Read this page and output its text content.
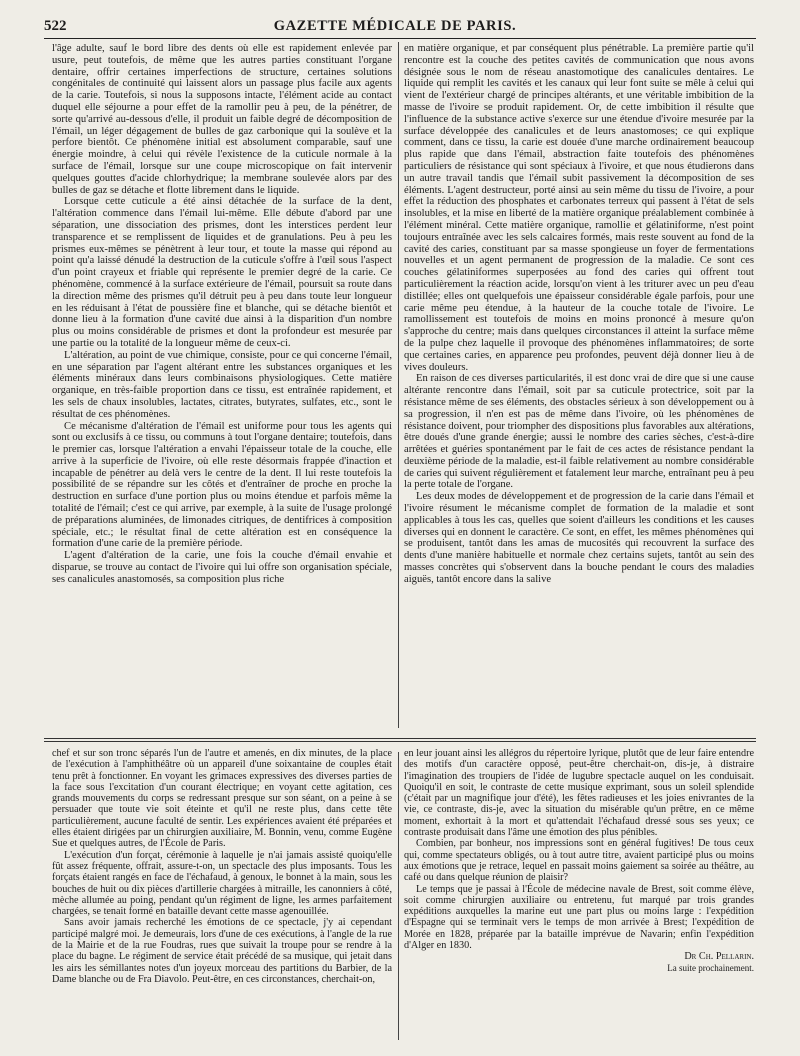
522	GAZETTE MÉDICALE DE PARIS.

l'âge adulte, sauf le bord libre des dents où elle est rapidement enlevée par usure, peut toutefois, de même que les autres parties constituant l'organe dentaire, offrir certaines imperfections de structure, certaines solutions congénitales de continuité qui laissent alors un passage plus facile aux agents de la carie. Toutefois, si nous la supposons intacte, l'élément acide au contact duquel elle séjourne a pour effet de la ramollir peu à peu, de la pénétrer, de sorte qu'arrivé au-dessous d'elle, il produit un faible degré de décomposition de l'émail, un léger dégagement de bulles de gaz carbonique qui la soulève et la perfore bientôt. Ce phénomène initial est absolument comparable, sauf une énergie moindre, à celui qui révèle l'existence de la cuticule normale à la surface de l'émail, lorsque sur une coupe microscopique on fait intervenir quelques gouttes d'acide chlorhydrique; la membrane soulevée alors par des bulles de gaz se détache et flotte librement dans le liquide.

Lorsque cette cuticule a été ainsi détachée de la surface de la dent, l'altération commence dans l'émail lui-même. Elle débute d'abord par une séparation, une dissociation des prismes, dont les interstices perdent leur transparence et se remplissent de liquides et de granulations. Peu à peu les prismes eux-mêmes se pénètrent à leur tour, et toute la masse qui répond au point qu'a laissé dénudé la destruction de la cuticule s'offre à l'œil sous l'aspect d'un point crayeux et friable qui représente le premier degré de la carie. Ce phénomène, commencé à la surface extérieure de l'émail, poursuit sa route dans la direction même des prismes qu'il détruit peu à peu dans toute leur longueur en les réduisant à l'état de poussière fine et blanche, qui se détache bientôt et donne lieu à la formation d'une cavité due ainsi à la disparition d'un nombre plus ou moins considérable de prismes et dont la profondeur est mesurée par une partie ou la totalité de la longueur même de ceux-ci.

L'altération, au point de vue chimique, consiste, pour ce qui concerne l'émail, en une séparation par l'agent altérant entre les substances organiques et les éléments minéraux dans leurs combinaisons physiologiques. Cette matière organique, en très-faible proportion dans ce tissu, est entraînée rapidement, et les sels de chaux insolubles, lactates, citrates, butyrates, sulfates, etc., sont le résultat de ces phénomènes.

Ce mécanisme d'altération de l'émail est uniforme pour tous les agents qui sont ou exclusifs à ce tissu, ou communs à tout l'organe dentaire; toutefois, dans le premier cas, lorsque l'altération a envahi l'épaisseur totale de la couche, elle arrive à la superficie de l'ivoire, où elle reste désormais frappée d'inaction et incapable de pénétrer au delà vers le centre de la dent. Il lui reste toutefois la possibilité de se répandre sur les côtés et d'entraîner de proche en proche la destruction en surface d'une portion plus ou moins étendue et parfois même la totalité de l'émail; c'est ce qui arrive, par exemple, à la suite de l'usage prolongé de préparations aluminées, de limonades citriques, de dentifrices à composition spéciale, etc.; le résultat final de cette altération est en conséquence la formation d'une carie de la première période.

L'agent d'altération de la carie, une fois la couche d'émail envahie et disparue, se trouve au contact de l'ivoire qui lui offre son organisation spéciale, ses canalicules anastomosés, sa composition plus riche

en matière organique, et par conséquent plus pénétrable. La première partie qu'il rencontre est la couche des petites cavités de communication que nous avons désignée sous le nom de réseau anastomotique des canalicules dentaires. Le liquide qui remplit les cavités et les canaux qui leur font suite se mêle à celui qui vient de l'extérieur chargé de principes altérants, et une véritable imbibition de la masse de l'ivoire se produit rapidement. Or, de cette imbibition il résulte que l'influence de la substance active s'exerce sur une étendue d'ivoire mesurée par la surface développée des canalicules et de leurs anastomoses; ce qui explique comment, dans ce tissu, la carie est douée d'une marche ordinairement beaucoup plus rapide que dans l'émail, abstraction faite toutefois des phénomènes particuliers de résistance qui sont spéciaux à l'ivoire, et que nous étudierons dans un autre travail tandis que l'émail subit passivement la décomposition de ses éléments. L'agent destructeur, porté ainsi au sein même du tissu de l'ivoire, a pour effet la réduction des phosphates et carbonates terreux qui passent à l'état de sels insolubles, et la mise en liberté de la matière organique préalablement combinée à l'élément minéral. Cette matière organique, ramollie et gélatiniforme, n'est point toujours entraînée avec les sels calcaires formés, mais reste souvent au fond de la cavité des caries, constituant par sa masse spongieuse un foyer de fermentations nouvelles et un agent permanent de progression de la maladie. Ce sont ces couches gélatiniformes superposées au fond des caries qui offrent tout particulièrement la réaction acide, lorsqu'on vient à les triturer avec un peu d'eau distillée; elles ont quelquefois une épaisseur considérable égale parfois, pour une carie même peu étendue, à la hauteur de la couche totale de l'ivoire. Le ramollissement est toutefois de moins en moins prononcé à mesure qu'on s'approche du centre; mais dans quelques circonstances il atteint la surface même de la pulpe chez laquelle il provoque des phénomènes inflammatoires; de sorte que certaines caries, en apparence peu profondes, peuvent déjà donner lieu à de vives douleurs.

En raison de ces diverses particularités, il est donc vrai de dire que si une cause altérante rencontre dans l'émail, soit par sa cuticule protectrice, soit par la résistance même de ses éléments, des obstacles sérieux à son développement ou à sa progression, il n'en est pas de même dans l'ivoire, où les phénomènes de résistance doivent, pour triompher des dispositions plus favorables aux altérations, être doués d'une grande énergie; aussi le nombre des caries sèches, c'est-à-dire arrêtées et guéries spontanément par le fait de ces actes de résistance pendant la deuxième période de la maladie, est-il faible relativement au nombre considérable de caries qui suivent régulièrement et fatalement leur marche, entraînant peu à peu la perte totale de l'organe.

Les deux modes de développement et de progression de la carie dans l'émail et l'ivoire résument le mécanisme complet de formation de la maladie et sont applicables à tous les cas, quelles que soient d'ailleurs les conditions et les causes diverses qui en donnent le caractère. Ce sont, en effet, les mêmes phénomènes qui se produisent, tantôt dans les amas de mucosités qui recouvrent la surface des dents d'une manière habituelle et normale chez certains sujets, tantôt au sein des masses concrètes qui s'observent dans la bouche pendant le cours des maladies aiguës, tantôt encore dans la salive

chef et sur son tronc séparés l'un de l'autre et amenés, en dix minutes, de la place de l'exécution à l'amphithéâtre où un appareil d'une soixantaine de couples était tenu prêt à fonctionner. En voyant les grimaces expressives des diverses parties de la face sous l'excitation d'un courant électrique; en voyant cette agitation, ces grands mouvements du corps se redressant presque sur son séant, on a peine à se persuader que toute vie soit éteinte et qu'il ne reste plus, dans cette tête particulièrement, aucune faculté de sentir. Les expériences avaient été préparées et elles étaient dirigées par un chirurgien auxiliaire, M. Bonnin, venu, comme Eugène Sue et quelques autres, de l'École de Paris.

L'exécution d'un forçat, cérémonie à laquelle je n'ai jamais assisté quoiqu'elle fût assez fréquente, offrait, assure-t-on, un spectacle des plus imposants. Tous les forçats étaient rangés en face de l'échafaud, à genoux, le bonnet à la main, sous les bouches de huit ou dix pièces d'artillerie chargées à mitraille, les canonniers à côté, mèche allumée au poing, pendant qu'un régiment de ligne, les armes parfaitement chargées, se tenait formé en bataille devant cette masse agenouillée.

Sans avoir jamais recherché les émotions de ce spectacle, j'y ai cependant participé malgré moi. Je demeurais, lors d'une de ces exécutions, à l'angle de la rue de la Mairie et de la rue Foudras, rues que suivait la troupe pour se rendre à la place du bagne. Le régiment de service était précédé de sa musique, qui jetait dans les airs les sémillantes notes d'un joyeux morceau des partitions du Barbier, de la Dame blanche ou de Fra Diavolo. Peut-être, en ces circonstances, cherchait-on,

en leur jouant ainsi les allégros du répertoire lyrique, plutôt que de leur faire entendre des motifs d'un caractère opposé, peut-être cherchait-on, dis-je, à distraire l'imagination des troupiers de l'idée de lugubre spectacle auquel on les conduisait. Quoiqu'il en soit, le contraste de cette musique exprimant, sous un soleil splendide (c'était par un magnifique jour d'été), les fêtes radieuses et les joies enivrantes de la vie, ce contraste, dis-je, avec la situation du misérable qu'un prêtre, en ce même moment, exhortait à la mort et qu'attendait l'échafaud dressé sous ses yeux; ce contraste produisait dans l'âme une émotion des plus pénibles.

Combien, par bonheur, nos impressions sont en général fugitives! De tous ceux qui, comme spectateurs obligés, ou à tout autre titre, avaient participé plus ou moins aux émotions que je retrace, lequel en passait moins gaiement sa soirée au théâtre, au café ou dans quelque réunion de plaisir?

Le temps que je passai à l'École de médecine navale de Brest, soit comme élève, soit comme chirurgien auxiliaire ou entretenu, fut marqué par trois grandes expéditions auxquelles la marine eut une part plus ou moins large : l'expédition d'Espagne qui se terminait vers le temps de mon arrivée à Brest; l'expédition de Morée en 1828, préparée par la bataille imprévue de Navarin; enfin l'expédition d'Alger en 1830.

Dr Ch. Pellarin.

La suite prochainement.
